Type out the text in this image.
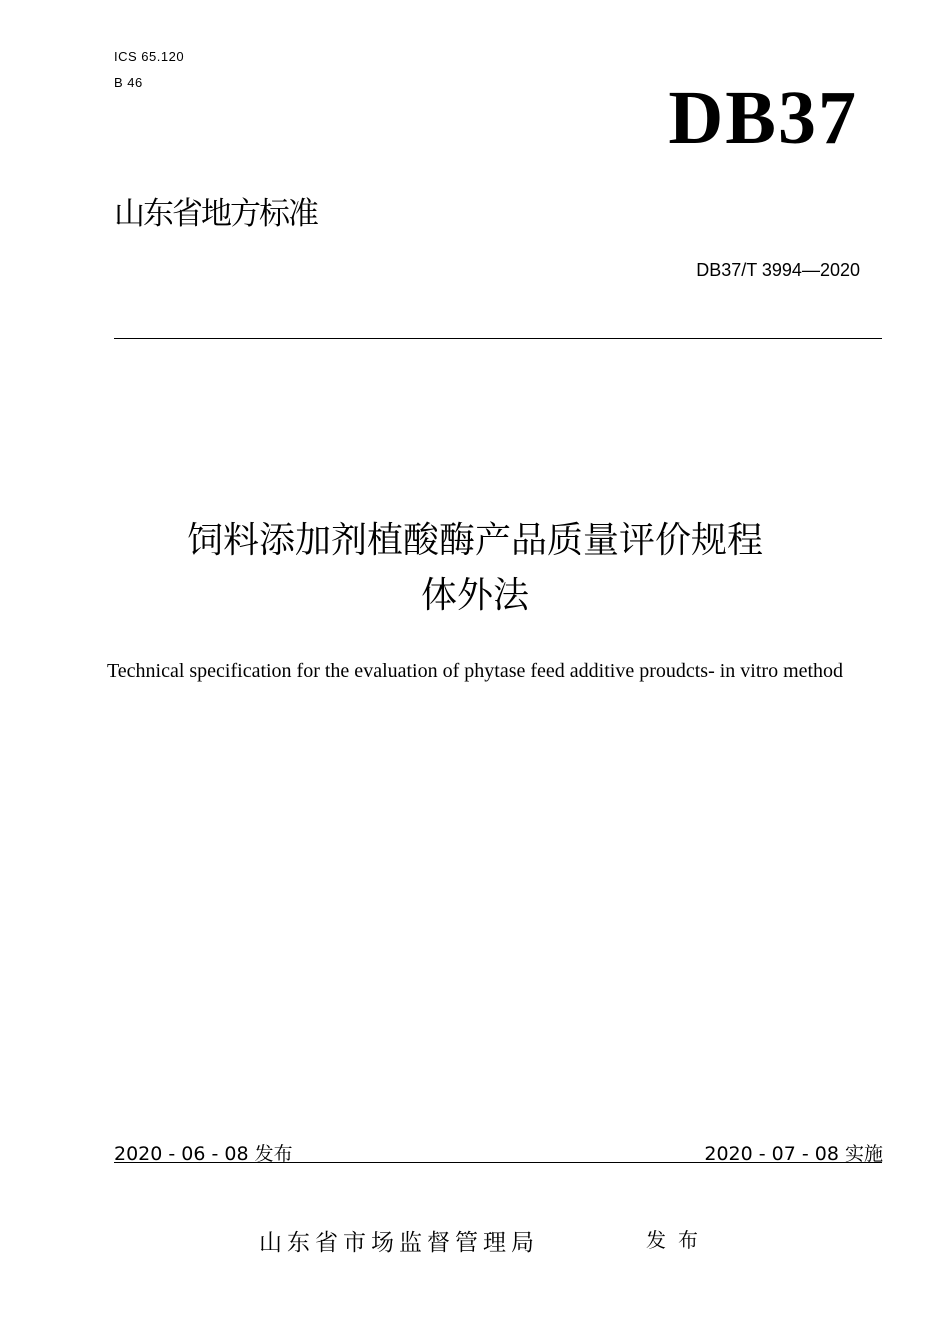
ICS 65.120
B 46	DB37
山东省地方标准
DB37/T 3994—2020
饲料添加剂植酸酶产品质量评价规程
体外法
Technical specification for the evaluation of phytase feed additive proudcts- in vitro method
2020 - 06 - 08 发布	2020 - 07 - 08 实施
山东省市场监督管理局	发布
